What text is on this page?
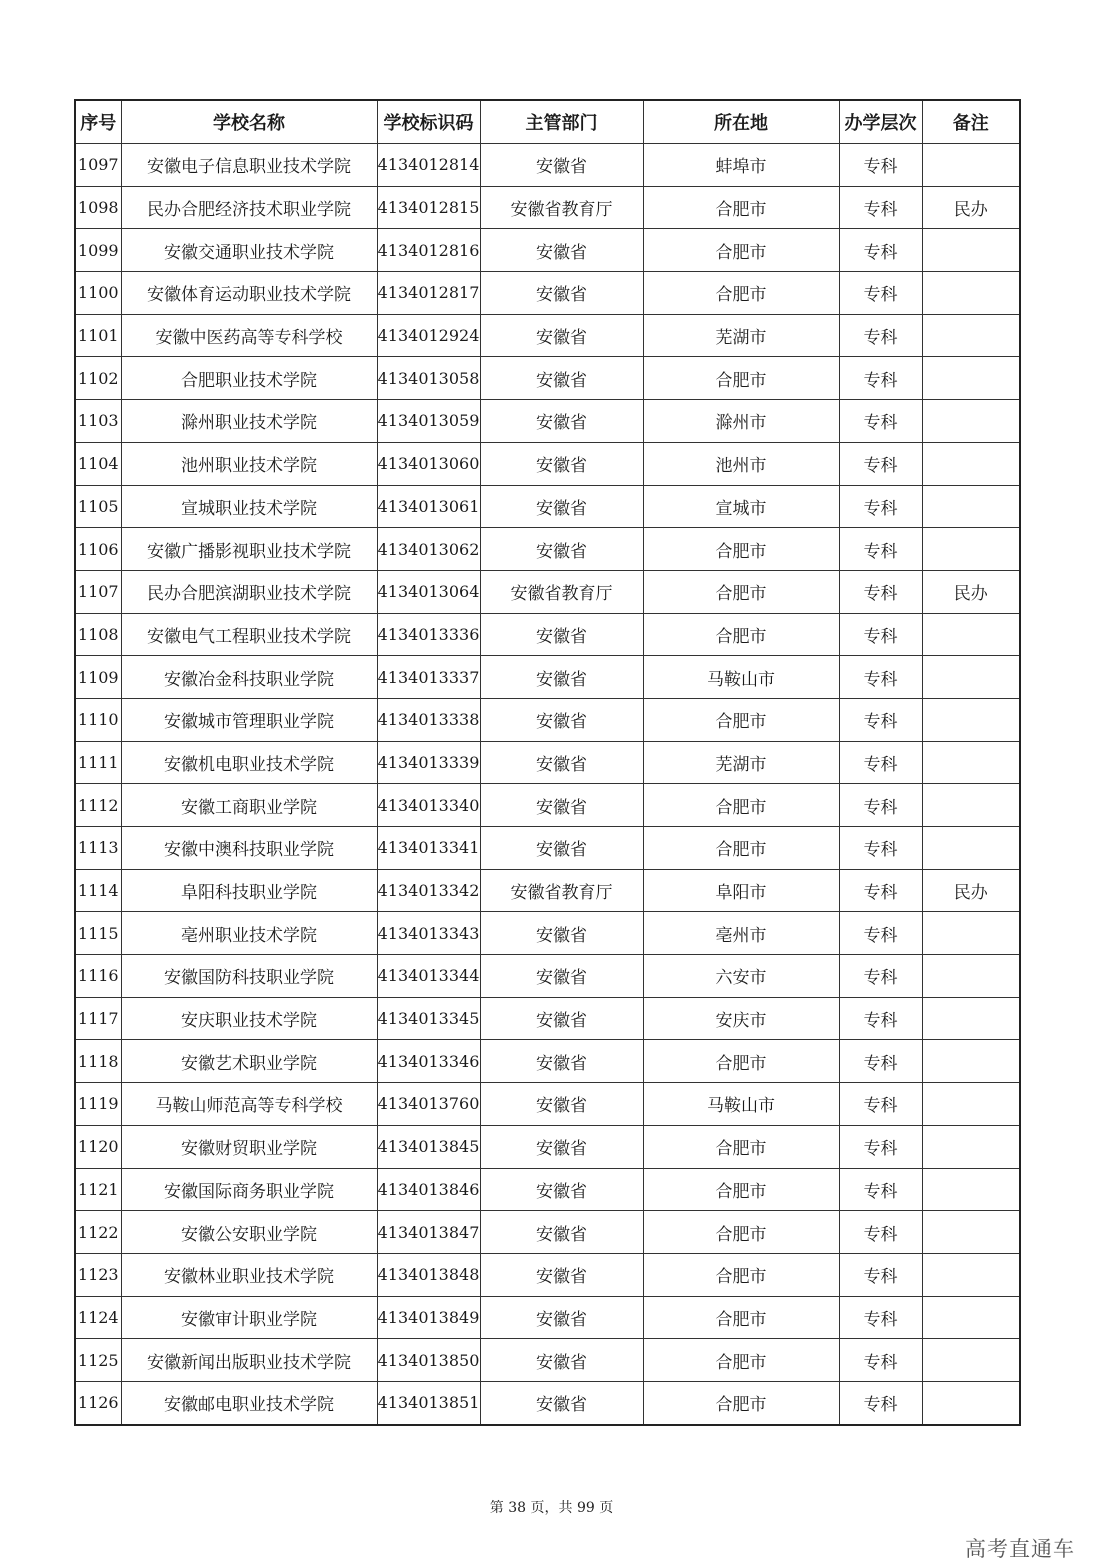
序号	学校名称	学校标识码	主管部门	所在地	办学层次	备注
1097	安徽电子信息职业技术学院	4134012814	安徽省	蚌埠市	专科	
1098	民办合肥经济技术职业学院	4134012815	安徽省教育厅	合肥市	专科	民办
1099	安徽交通职业技术学院	4134012816	安徽省	合肥市	专科	
1100	安徽体育运动职业技术学院	4134012817	安徽省	合肥市	专科	
1101	安徽中医药高等专科学校	4134012924	安徽省	芜湖市	专科	
1102	合肥职业技术学院	4134013058	安徽省	合肥市	专科	
1103	滁州职业技术学院	4134013059	安徽省	滁州市	专科	
1104	池州职业技术学院	4134013060	安徽省	池州市	专科	
1105	宣城职业技术学院	4134013061	安徽省	宣城市	专科	
1106	安徽广播影视职业技术学院	4134013062	安徽省	合肥市	专科	
1107	民办合肥滨湖职业技术学院	4134013064	安徽省教育厅	合肥市	专科	民办
1108	安徽电气工程职业技术学院	4134013336	安徽省	合肥市	专科	
1109	安徽冶金科技职业学院	4134013337	安徽省	马鞍山市	专科	
1110	安徽城市管理职业学院	4134013338	安徽省	合肥市	专科	
1111	安徽机电职业技术学院	4134013339	安徽省	芜湖市	专科	
1112	安徽工商职业学院	4134013340	安徽省	合肥市	专科	
1113	安徽中澳科技职业学院	4134013341	安徽省	合肥市	专科	
1114	阜阳科技职业学院	4134013342	安徽省教育厅	阜阳市	专科	民办
1115	亳州职业技术学院	4134013343	安徽省	亳州市	专科	
1116	安徽国防科技职业学院	4134013344	安徽省	六安市	专科	
1117	安庆职业技术学院	4134013345	安徽省	安庆市	专科	
1118	安徽艺术职业学院	4134013346	安徽省	合肥市	专科	
1119	马鞍山师范高等专科学校	4134013760	安徽省	马鞍山市	专科	
1120	安徽财贸职业学院	4134013845	安徽省	合肥市	专科	
1121	安徽国际商务职业学院	4134013846	安徽省	合肥市	专科	
1122	安徽公安职业学院	4134013847	安徽省	合肥市	专科	
1123	安徽林业职业技术学院	4134013848	安徽省	合肥市	专科	
1124	安徽审计职业学院	4134013849	安徽省	合肥市	专科	
1125	安徽新闻出版职业技术学院	4134013850	安徽省	合肥市	专科	
1126	安徽邮电职业技术学院	4134013851	安徽省	合肥市	专科	
第 38 页，共 99 页
高考直通车
